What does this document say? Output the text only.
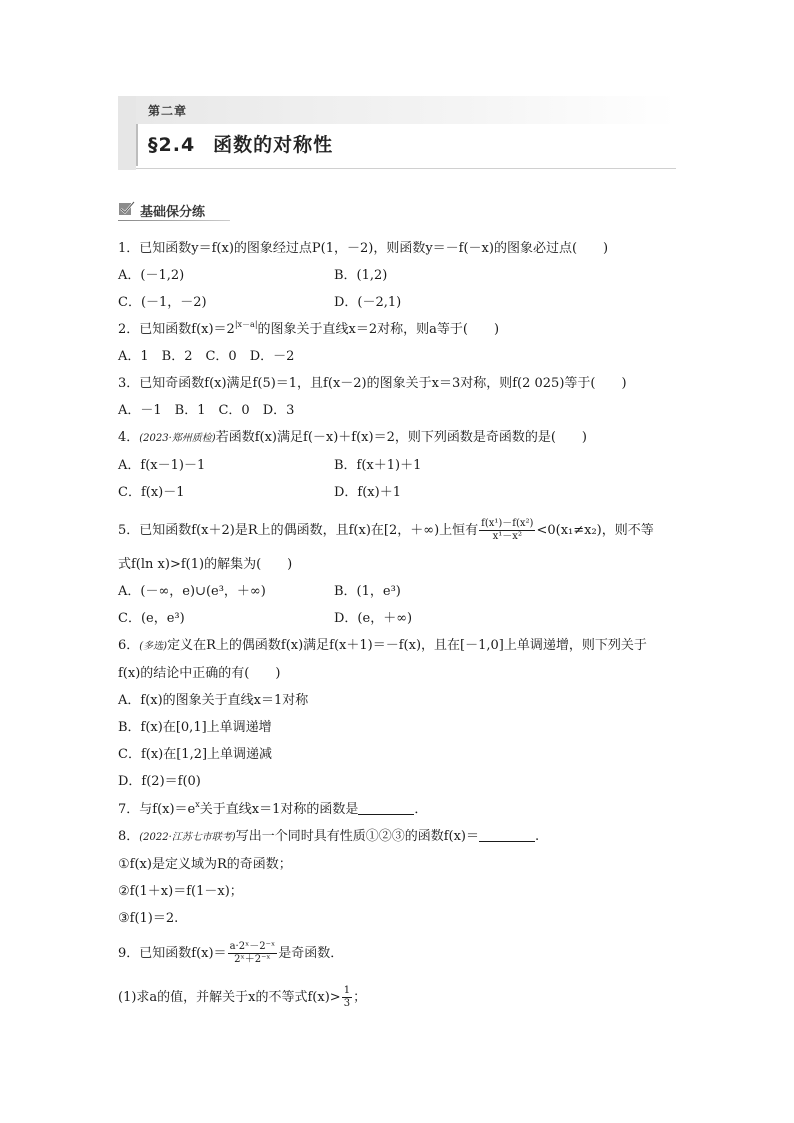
第二章
§2.4 函数的对称性
基础保分练
1．已知函数y＝f(x)的图象经过点P(1，－2)，则函数y＝－f(－x)的图象必过点(　　)
A．(－1,2)	B．(1,2)
C．(－1，－2)	D．(－2,1)
2．已知函数$f(x)=2^{|x-a|}$的图象关于直线x＝2对称，则a等于(　　)
A．1　B．2　C．0　D．－2
3．已知奇函数f(x)满足f(5)＝1，且f(x－2)的图象关于x＝3对称，则f(2 025)等于(　　)
A．－1　B．1　C．0　D．3
4．(2023·郑州质检)若函数f(x)满足f(－x)＋f(x)＝2，则下列函数是奇函数的是(　　)
A．f(x－1)－1	B．f(x＋1)＋1
C．f(x)－1	D．f(x)＋1
5．已知函数f(x＋2)是R上的偶函数，且f(x)在[2，＋∞)上恒有 $\frac{\text{f(x¹)－f(x²)}}{\text{x¹－x²}} <0(x_1\ne x_2)$，则不等
式f(ln x)>f(1)的解集为(　　)
A．(－∞，e)∪(e³，＋∞)	B．(1，e³)
C．(e，e³)	D．(e，＋∞)
6．(多选)定义在R上的偶函数f(x)满足f(x＋1)＝－f(x)，且在[－1,0]上单调递增，则下列关于
f(x)的结论中正确的有(　　)
A．f(x)的图象关于直线x＝1对称
B．f(x)在[0,1]上单调递增
C．f(x)在[1,2]上单调递减
D．f(2)＝f(0)
7．与$f(x)=e^x$关于直线x＝1对称的函数是	．
8．(2022·江苏七市联考)写出一个同时具有性质①②③的函数f(x)＝	.
①f(x)是定义域为R的奇函数；
②f(1＋x)＝f(1－x)；
③f(1)＝2.
9．已知函数$f(x)= \frac{\text{a·2ˣ－2⁻ˣ}}{\text{2ˣ＋2⁻ˣ}}$ 是奇函数．
(1)求a的值，并解关于x的不等式$f(x)> \frac{1}{3}$ ；
